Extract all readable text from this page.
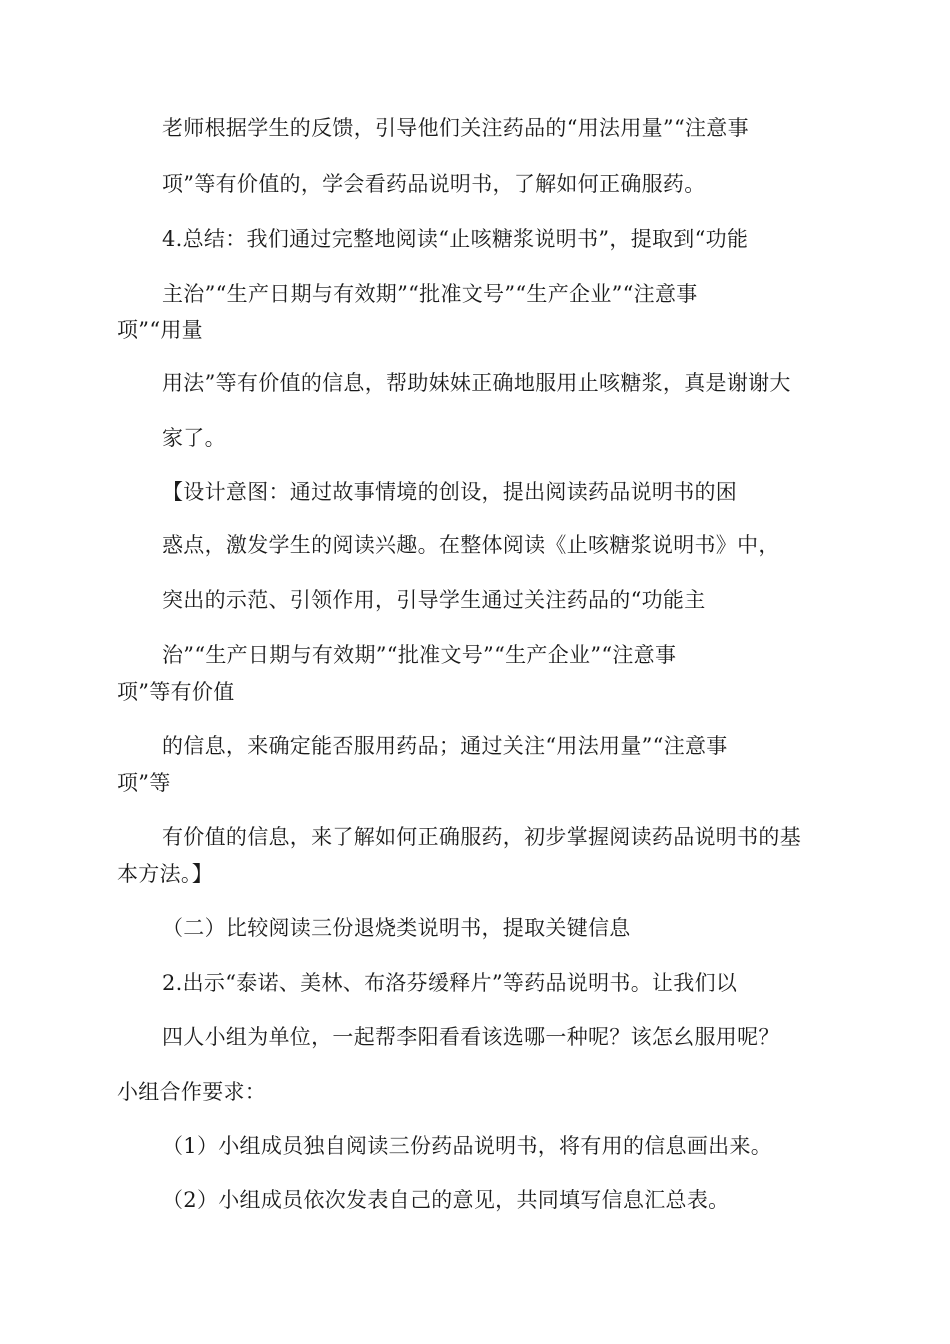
老师根据学生的反馈，引导他们关注药品的“用法用量”“注意事

项”等有价值的，学会看药品说明书，了解如何正确服药。

4.总结：我们通过完整地阅读“止咳糖浆说明书”，提取到“功能

主治”“生产日期与有效期”“批准文号”“生产企业”“注意事

项”“用量

用法”等有价值的信息，帮助妹妹正确地服用止咳糖浆，真是谢谢大

家了。

【设计意图：通过故事情境的创设，提出阅读药品说明书的困

惑点，激发学生的阅读兴趣。在整体阅读《止咳糖浆说明书》中，

突出的示范、引领作用，引导学生通过关注药品的“功能主

治”“生产日期与有效期”“批准文号”“生产企业”“注意事

项”等有价值

的信息，来确定能否服用药品；通过关注“用法用量”“注意事

项”等

有价值的信息，来了解如何正确服药，初步掌握阅读药品说明书的基

本方法。】

（二）比较阅读三份退烧类说明书，提取关键信息

2.出示“泰诺、美林、布洛芬缓释片”等药品说明书。让我们以

四人小组为单位，一起帮李阳看看该选哪一种呢？该怎幺服用呢？

小组合作要求：

（1）小组成员独自阅读三份药品说明书，将有用的信息画出来。

（2）小组成员依次发表自己的意见，共同填写信息汇总表。
